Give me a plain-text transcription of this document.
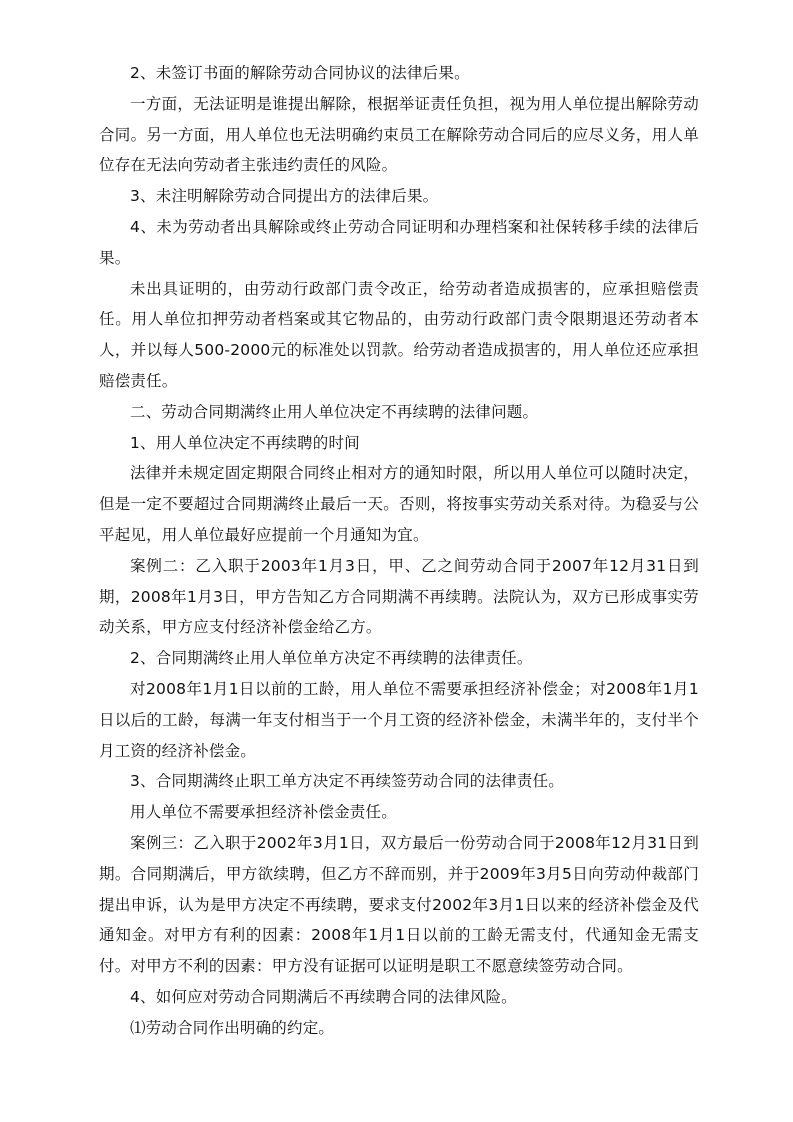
2、未签订书面的解除劳动合同协议的法律后果。

一方面，无法证明是谁提出解除，根据举证责任负担，视为用人单位提出解除劳动合同。另一方面，用人单位也无法明确约束员工在解除劳动合同后的应尽义务，用人单位存在无法向劳动者主张违约责任的风险。

3、未注明解除劳动合同提出方的法律后果。

4、未为劳动者出具解除或终止劳动合同证明和办理档案和社保转移手续的法律后果。

未出具证明的，由劳动行政部门责令改正，给劳动者造成损害的，应承担赔偿责任。用人单位扣押劳动者档案或其它物品的，由劳动行政部门责令限期退还劳动者本人，并以每人500-2000元的标准处以罚款。给劳动者造成损害的，用人单位还应承担赔偿责任。

二、劳动合同期满终止用人单位决定不再续聘的法律问题。

1、用人单位决定不再续聘的时间

法律并未规定固定期限合同终止相对方的通知时限，所以用人单位可以随时决定，但是一定不要超过合同期满终止最后一天。否则，将按事实劳动关系对待。为稳妥与公平起见，用人单位最好应提前一个月通知为宜。

案例二：乙入职于2003年1月3日，甲、乙之间劳动合同于2007年12月31日到期，2008年1月3日，甲方告知乙方合同期满不再续聘。法院认为，双方已形成事实劳动关系，甲方应支付经济补偿金给乙方。

2、合同期满终止用人单位单方决定不再续聘的法律责任。

对2008年1月1日以前的工龄，用人单位不需要承担经济补偿金；对2008年1月1日以后的工龄，每满一年支付相当于一个月工资的经济补偿金，未满半年的，支付半个月工资的经济补偿金。

3、合同期满终止职工单方决定不再续签劳动合同的法律责任。

用人单位不需要承担经济补偿金责任。

案例三：乙入职于2002年3月1日，双方最后一份劳动合同于2008年12月31日到期。合同期满后，甲方欲续聘，但乙方不辞而别，并于2009年3月5日向劳动仲裁部门提出申诉，认为是甲方决定不再续聘，要求支付2002年3月1日以来的经济补偿金及代通知金。对甲方有利的因素：2008年1月1日以前的工龄无需支付，代通知金无需支付。对甲方不利的因素：甲方没有证据可以证明是职工不愿意续签劳动合同。

4、如何应对劳动合同期满后不再续聘合同的法律风险。

⑴劳动合同作出明确的约定。
